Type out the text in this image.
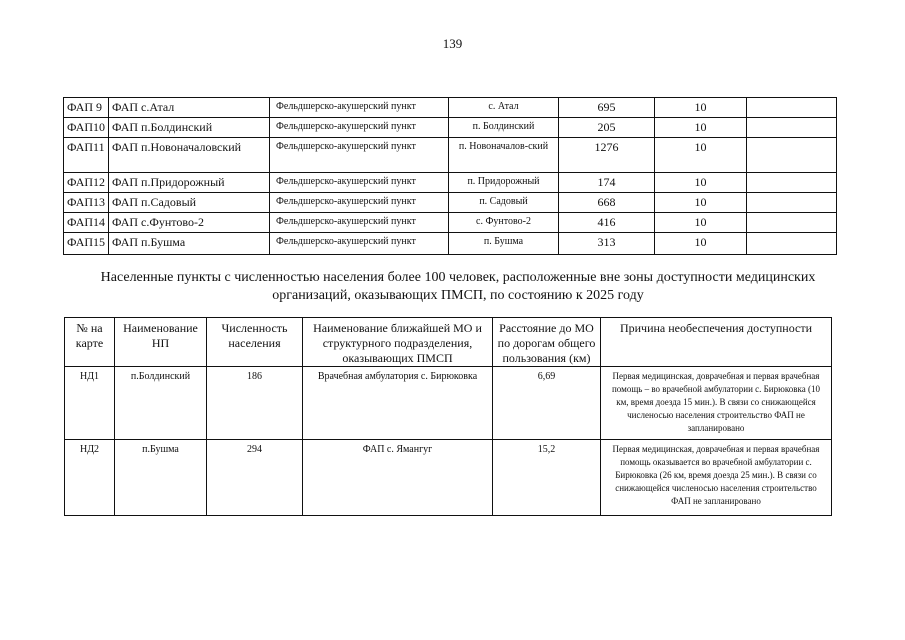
139
ФАП 9	ФАП с.Атал	Фельдшерско-акушерский пункт	с. Атал	695	10	
ФАП10	ФАП п.Болдинский	Фельдшерско-акушерский пункт	п. Болдинский	205	10	
ФАП11	ФАП п.Новоначаловский	Фельдшерско-акушерский пункт	п. Новоначалов-ский	1276	10	
ФАП12	ФАП п.Придорожный	Фельдшерско-акушерский пункт	п. Придорожный	174	10	
ФАП13	ФАП п.Садовый	Фельдшерско-акушерский пункт	п. Садовый	668	10	
ФАП14	ФАП с.Фунтово-2	Фельдшерско-акушерский пункт	с. Фунтово-2	416	10	
ФАП15	ФАП п.Бушма	Фельдшерско-акушерский пункт	п. Бушма	313	10	
Населенные пункты с численностью населения более 100 человек, расположенные вне зоны доступности медицинских организаций, оказывающих ПМСП, по состоянию к 2025 году
№ на карте	Наименование НП	Численность населения	Наименование ближайшей МО и структурного подразделения, оказывающих ПМСП	Расстояние до МО по дорогам общего пользования (км)	Причина необеспечения доступности
НД1	п.Болдинский	186	Врачебная амбулатория с. Бирюковка	6,69	Первая медицинская, доврачебная и первая врачебная помощь – во врачебной амбулатории с. Бирюковка (10 км, время доезда 15 мин.). В связи со снижающейся численосью населения строительство ФАП не запланировано
НД2	п.Бушма	294	ФАП с. Ямангуг	15,2	Первая медицинская, доврачебная и первая врачебная помощь оказывается во врачебной амбулатории с. Бирюковка (26 км, время доезда 25 мин.). В связи со снижающейся численосью населения строительство ФАП не запланировано
